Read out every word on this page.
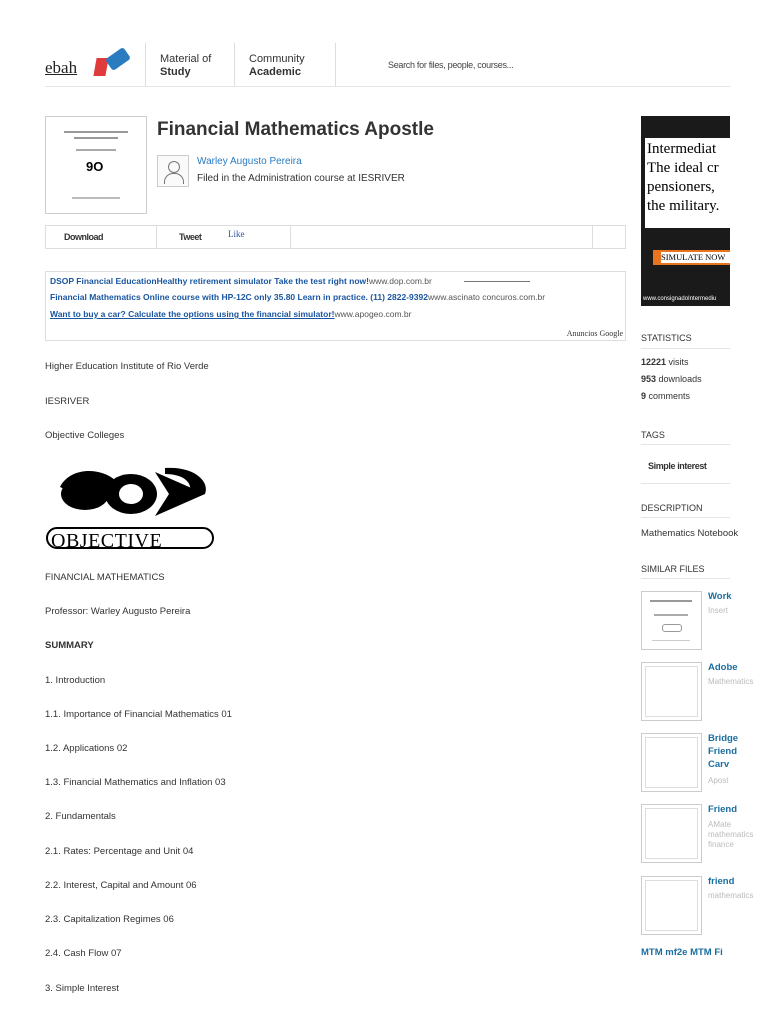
ebah	Material of
Study
Community
Academic
Search for files, people, courses...
9O
Financial Mathematics Apostle
Warley Augusto Pereira
Filed in the Administration course at IESRIVER
Download	Tweet	Like
DSOP Financial EducationHealthy retirement simulator Take the test right now!www.dop.com.br
Financial Mathematics Online course with HP-12C only 35.80 Learn in practice. (11) 2822-9392www.ascinato concuros.com.br
Want to buy a car? Calculate the options using the financial simulator!www.apogeo.com.br
Anuncios Google
Higher Education Institute of Rio Verde
IESRIVER
Objective Colleges
OBJECTIVE
FINANCIAL MATHEMATICS
Professor: Warley Augusto Pereira
SUMMARY
1. Introduction
1.1. Importance of Financial Mathematics 01
1.2. Applications 02
1.3. Financial Mathematics and Inflation 03
2. Fundamentals
2.1. Rates: Percentage and Unit 04
2.2. Interest, Capital and Amount 06
2.3. Capitalization Regimes 06
2.4. Cash Flow 07
3. Simple Interest
Intermediat
The ideal cr
pensioners,
the military.
SIMULATE NOW
www.consignadoIntermediu
STATISTICS
12221 visits
953 downloads
9 comments
TAGS
Simple interest
DESCRIPTION
Mathematics Notebook
SIMILAR FILES
Work
Insert
Adobe
Mathematics
Bridge Friend Carv
Apost
Friend
AMate mathematics finance
friend
mathematics
MTM mf2e MTM Fi
